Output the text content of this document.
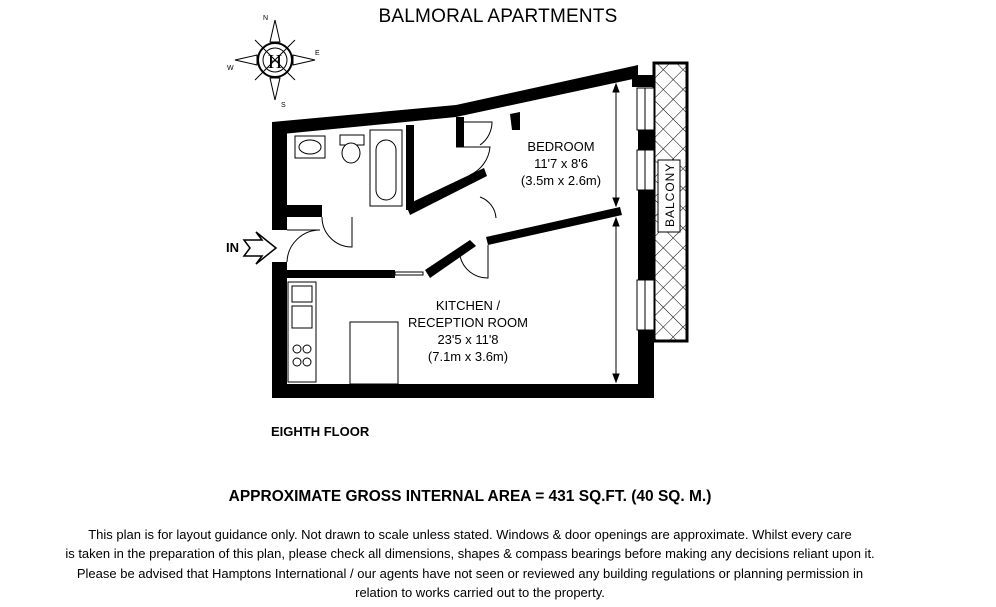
BALMORAL APARTMENTS
H
N
E
S
W
IN
BALCONY
BEDROOM
11'7 x 8'6
(3.5m x 2.6m)
KITCHEN /
RECEPTION ROOM
23'5 x 11'8
(7.1m x 3.6m)
EIGHTH FLOOR
APPROXIMATE GROSS INTERNAL AREA = 431 SQ.FT. (40 SQ. M.)
This plan is for layout guidance only. Not drawn to scale unless stated. Windows & door openings are approximate. Whilst every care
is taken in the preparation of this plan, please check all dimensions, shapes & compass bearings before making any decisions reliant upon it.
Please be advised that Hamptons International / our agents have not seen or reviewed any building regulations or planning permission in
relation to works carried out to the property.
